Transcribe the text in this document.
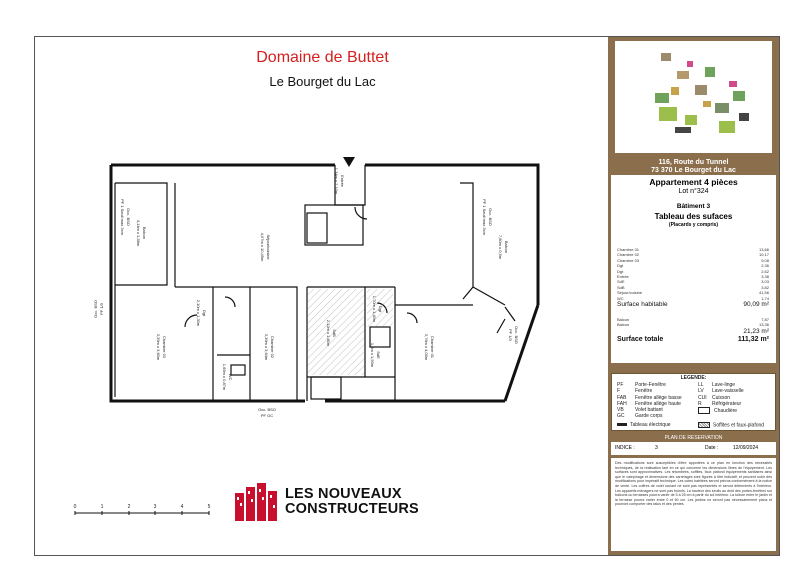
Domaine de Buttet
Le Bourget du Lac
Séjour/cuisine4,07m x 10,49m
Balcon4,14m x 1,58m
Balcon7,80m x 0,5m
Chambre 033,39m x 3,60m	Chambre 023,39m x 3,64m	Chambre 013,76m x 4,05m
SdB2,12m x 1,80m
Dgt2,10m x 1,30m	Dgt1,70m x 1,40m
SdE1,5m x 1,50m
WC1,65m x 0,87m
Entrée1,34m x 2,10m
Occ. BSOPF 1 Seuil max 3cm	Occ. BSOPF 1 Seuil max 3cm
Occ. BSOPF 1/3
Occ. BSOPF 1/3
Occ. BSO PF GC
0	1	2	3	4	5
LES NOUVEAUX
CONSTRUCTEURS
116, Route du Tunnel
73 370 Le Bourget du Lac
Appartement 4 pièces
Lot n°324
Bâtiment 3
Tableau des sufaces
(Placards y compris)
Chambre 01	13,66
Chambre 02	10,17
Chambre 03	9,08
Dgt	2,36
Dgt	2,62
Entrée	3,38
SdE	3,03
SdB	3,82
Séjour/cuisine	41,56
WC	1,74
Surface habitable	90,09 m²
Balcon	7,87
Balcon	13,36
21,23 m²
Surface totale	111,32 m²
LEGENDE:
PF Porte-Fenêtre
F	Fenêtre
FAB Fenêtre allège basse
FAH Fenêtre allège haute
VB Volet battant
GC Garde corps
LL Lave-linge
LV Lave-vaisselle
CUI Cuisson
R Réfrigérateur
Chaudière
Tableau électrique	Soffites et faux-plafond
PLAN DE RESERVATION
INDICE :	3	Date :	12/09/2024
Des modifications sont susceptibles d'être apportées à ce plan en fonction des nécessités techniques, de la réalisation tant en ce qui concerne les dimensions libres de l'équipement. Les surfaces sont approximatives. Les retombées, soffites, faux plafond équipements sanitaires ainsi que le calepinage et dimensions des carrelages sont figurés à titre indicatif, et peuvent subir des modifications pour impératif technique. Les cotes habitées seront prévus conformément à la notice de vente. Les coffres de volet roulant ne sont pas représentés et seront déterminés à l'intérieur. Les appareils ménagers ne sont pas fournis. La hauteur des seuils au droit des portes-fenêtres sur balcons ou terrasses pourra varier de 5 à 25 cm à partir du sol intérieur. La toiture entre le jardin et la terrasse pourra varier entre 0 et 60 cm. Les jardins ne seront pas nécessairement plans et pourront comporter des talus et des pentes.
